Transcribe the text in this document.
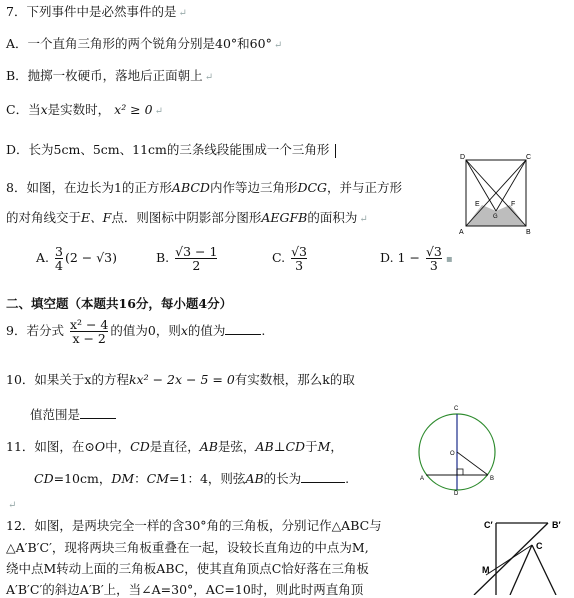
7．下列事件中是必然事件的是 ↵
A．一个直角三角形的两个锐角分别是40°和60° ↵
B．抛掷一枚硬币，落地后正面朝上 ↵
C．当x是实数时， x² ≥ 0 ↵
D．长为5cm、5cm、11cm的三条线段能围成一个三角形
8．如图，在边长为1的正方形ABCD内作等边三角形DCG，并与正方形
的对角线交于E、F点．则图标中阴影部分图形AEGFB的面积为 ↵
A. $\frac{3}{4} (2 - √3)$	B. $\frac{√3 - 1}{2}$	C. $\frac{√3}{3}$	D. $1 - \frac{√3}{3}$ ▪
D	C
A	B
E	F
G
二、填空题（本题共16分，每小题4分）
9．若分式 $\frac{\text{x² − 4}}{x - 2}$ 的值为0，则x的值为	.
10．如果关于x的方程kx² − 2x − 5 = 0有实数根，那么k的取
值范围是
11．如图，在⊙O中，CD是直径，AB是弦，AB⊥CD于M，
CD=10cm，DM：CM=1：4，则弦AB的长为	.
↵
C
O
A	B
D
12．如图，是两块完全一样的含30°角的三角板，分别记作△ABC与
△A′B′C′，现将两块三角板重叠在一起，设较长直角边的中点为M,
绕中点M转动上面的三角板ABC，使其直角顶点C恰好落在三角板
A′B′C′的斜边A′B′上，当∠A=30°，AC=10时，则此时两直角顶
C′	B′
C
M
